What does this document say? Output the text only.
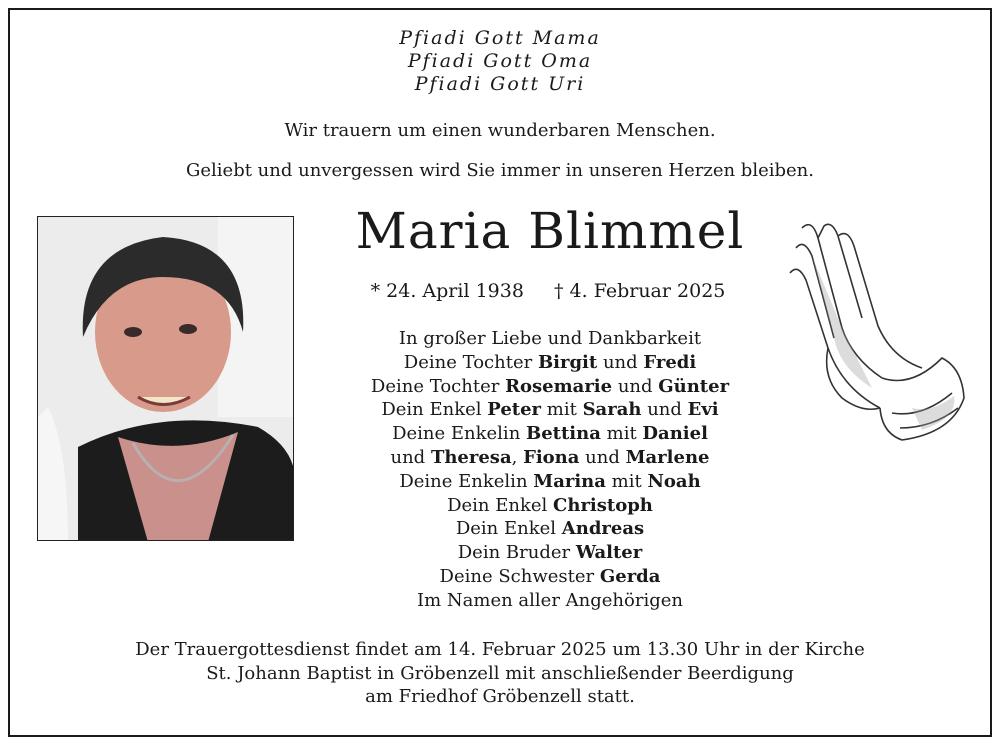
Pfiadi Gott Mama
Pfiadi Gott Oma
Pfiadi Gott Uri
Wir trauern um einen wunderbaren Menschen.
Geliebt und unvergessen wird Sie immer in unseren Herzen bleiben.
Maria Blimmel
* 24. April 1938 † 4. Februar 2025
In großer Liebe und Dankbarkeit
Deine Tochter Birgit und Fredi
Deine Tochter Rosemarie und Günter
Dein Enkel Peter mit Sarah und Evi
Deine Enkelin Bettina mit Daniel
und Theresa, Fiona und Marlene
Deine Enkelin Marina mit Noah
Dein Enkel Christoph
Dein Enkel Andreas
Dein Bruder Walter
Deine Schwester Gerda
Im Namen aller Angehörigen
Der Trauergottesdienst findet am 14. Februar 2025 um 13.30 Uhr in der Kirche
St. Johann Baptist in Gröbenzell mit anschließender Beerdigung
am Friedhof Gröbenzell statt.
